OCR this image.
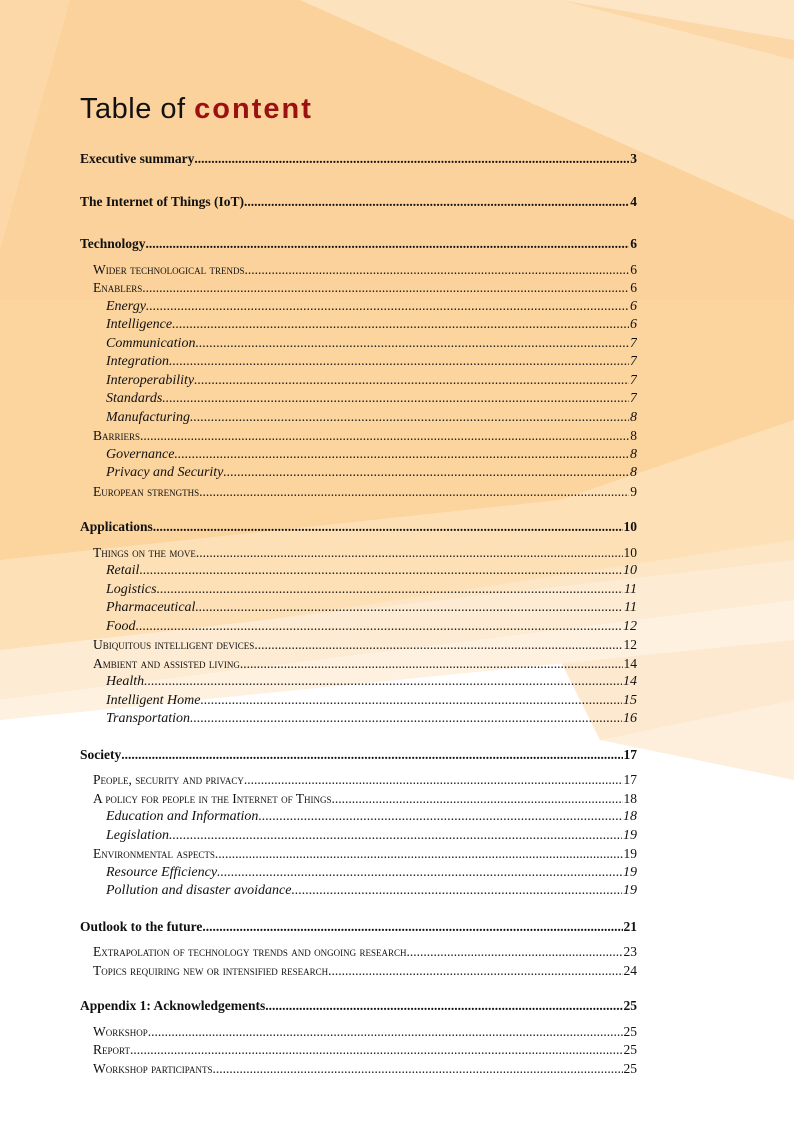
Table of content
Executive summary .....	3
The Internet of Things (IoT) .....	4
Technology .....	6
Wider technological trends .....	6
Enablers .....	6
Energy .....	6
Intelligence .....	6
Communication .....	7
Integration .....	7
Interoperability .....	7
Standards .....	7
Manufacturing .....	8
Barriers .....	8
Governance .....	8
Privacy and Security .....	8
European strengths .....	9
Applications .....	10
Things on the move .....	10
Retail .....	10
Logistics .....	11
Pharmaceutical .....	11
Food .....	12
Ubiquitous intelligent devices .....	12
Ambient and assisted living .....	14
Health .....	14
Intelligent Home .....	15
Transportation .....	16
Society .....	17
People, security and privacy .....	17
A policy for people in the Internet of Things .....	18
Education and Information .....	18
Legislation .....	19
Environmental aspects .....	19
Resource Efficiency .....	19
Pollution and disaster avoidance .....	19
Outlook to the future .....	21
Extrapolation of technology trends and ongoing research .....	23
Topics requiring new or intensified research .....	24
Appendix 1: Acknowledgements .....	25
Workshop .....	25
Report .....	25
Workshop participants .....	25
